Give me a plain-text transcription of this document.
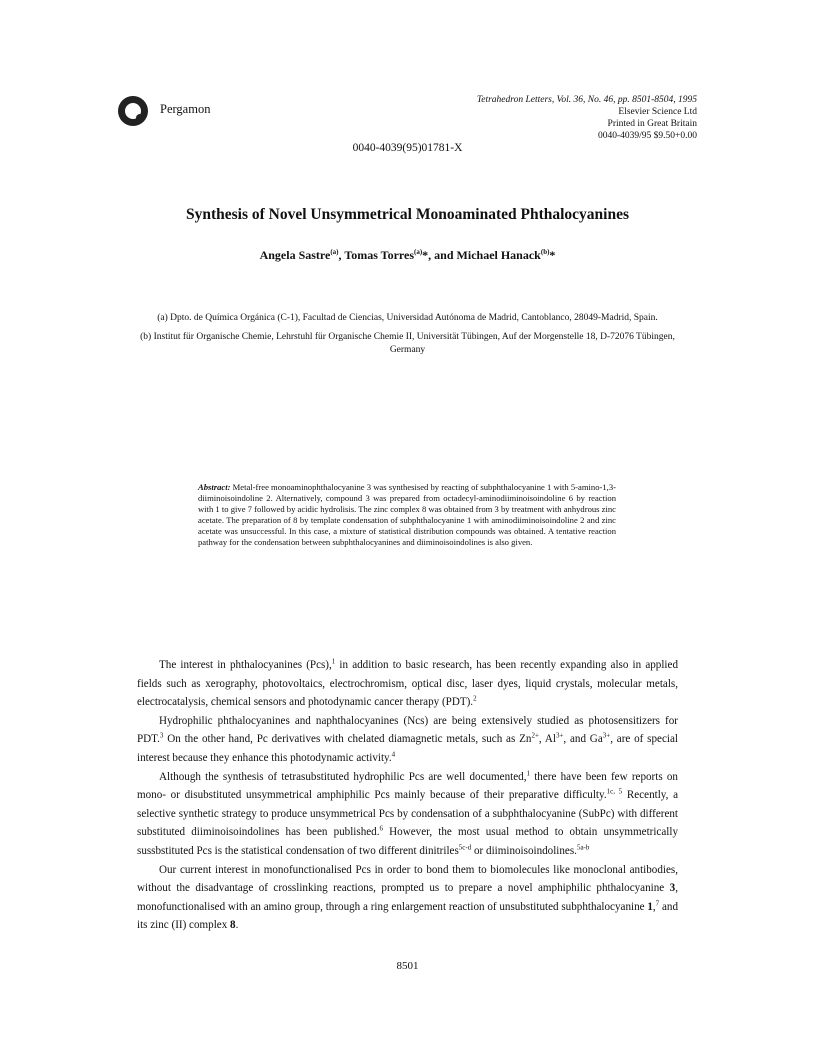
Pergamon
Tetrahedron Letters, Vol. 36, No. 46, pp. 8501-8504, 1995
Elsevier Science Ltd
Printed in Great Britain
0040-4039/95 $9.50+0.00
0040-4039(95)01781-X
Synthesis of Novel Unsymmetrical Monoaminated Phthalocyanines
Angela Sastre$^{(a)}$, Tomas Torres$^{(a)}$*, and Michael Hanack$^{(b)}$*

(a) Dpto. de Química Orgánica (C-1), Facultad de Ciencias, Universidad Autónoma de Madrid, Cantoblanco, 28049-Madrid, Spain.

(b) Institut für Organische Chemie, Lehrstuhl für Organische Chemie II, Universität Tübingen, Auf der Morgenstelle 18, D-72076 Tübingen, Germany

Abstract: Metal-free monoaminophthalocyanine 3 was synthesised by reacting of subphthalocyanine 1 with 5-amino-1,3-diiminoisoindoline 2. Alternatively, compound 3 was prepared from octadecyl-aminodiiminoisoindoline 6 by reaction with 1 to give 7 followed by acidic hydrolisis. The zinc complex 8 was obtained from 3 by treatment with anhydrous zinc acetate. The preparation of 8 by template condensation of subphthalocyanine 1 with aminodiiminoisoindoline 2 and zinc acetate was unsuccessful. In this case, a mixture of statistical distribution compounds was obtained. A tentative reaction pathway for the condensation between subphthalocyanines and diiminoisoindolines is also given.

The interest in phthalocyanines (Pcs),$^1$ in addition to basic research, has been recently expanding also in applied fields such as xerography, photovoltaics, electrochromism, optical disc, laser dyes, liquid crystals, molecular metals, electrocatalysis, chemical sensors and photodynamic cancer therapy (PDT).$^2$

Hydrophilic phthalocyanines and naphthalocyanines (Ncs) are being extensively studied as photosensitizers for PDT.$^3$ On the other hand, Pc derivatives with chelated diamagnetic metals, such as $Zn^{2+}$, $Al^{3+}$, and $Ga^{3+}$, are of special interest because they enhance this photodynamic activity.$^4$

Although the synthesis of tetrasubstituted hydrophilic Pcs are well documented,$^1$ there have been few reports on mono- or disubstituted unsymmetrical amphiphilic Pcs mainly because of their preparative difficulty.$^{1c, 5}$ Recently, a selective synthetic strategy to produce unsymmetrical Pcs by condensation of a subphthalocyanine (SubPc) with different substituted diiminoisoindolines has been published.$^6$ However, the most usual method to obtain unsymmetrically sussbstituted Pcs is the statistical condensation of two different dinitriles$^{5c-d}$ or diiminoisoindolines.$^{5a-b}$

Our current interest in monofunctionalised Pcs in order to bond them to biomolecules like monoclonal antibodies, without the disadvantage of crosslinking reactions, prompted us to prepare a novel amphiphilic phthalocyanine 3, monofunctionalised with an amino group, through a ring enlargement reaction of unsubstituted subphthalocyanine 1,$^7$ and its zinc (II) complex 8.

8501
